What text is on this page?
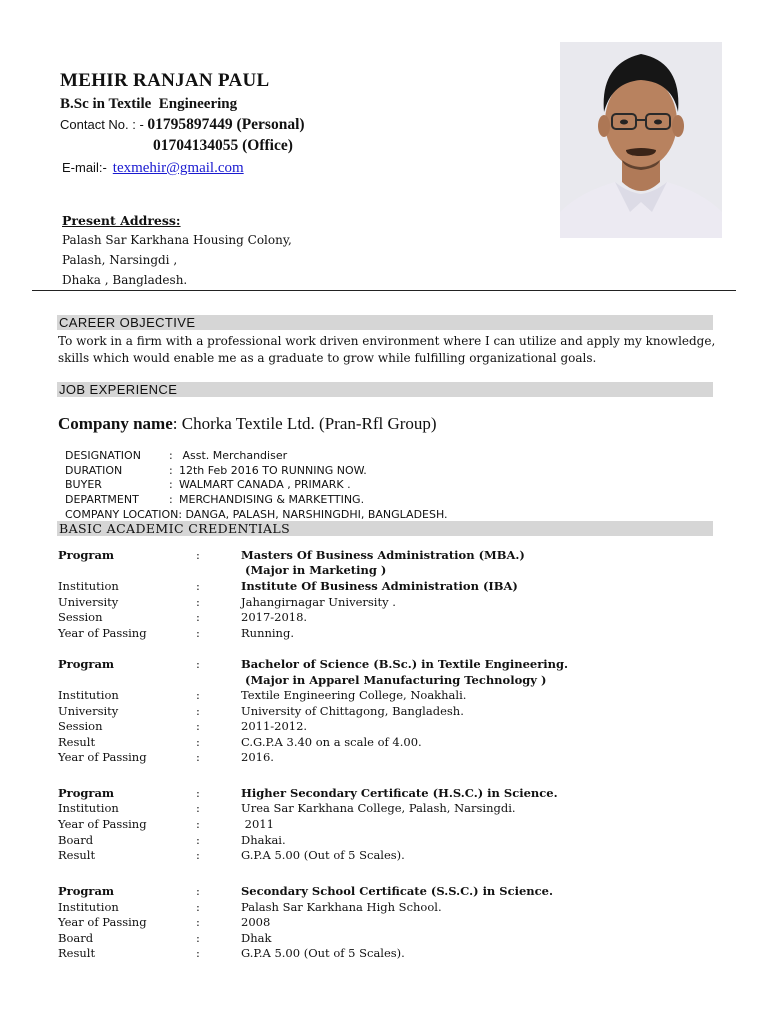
MEHIR RANJAN PAUL
B.Sc in Textile  Engineering
Contact No. : - 01795897449 (Personal)
01704134055 (Office)
E-mail:- texmehir@gmail.com
Present Address:
Palash Sar Karkhana Housing Colony,
Palash, Narsingdi ,
Dhaka , Bangladesh.
CAREER OBJECTIVE
To work in a firm with a professional work driven environment where I can utilize and apply my knowledge, skills which would enable me as a graduate to grow while fulfilling organizational goals.
JOB EXPERIENCE
Company name: Chorka Textile Ltd. (Pran-Rfl Group)

DESIGNATION	: Asst. Merchandiser

DURATION	: 12th Feb 2016 TO RUNNING NOW.

BUYER	: WALMART CANADA , PRIMARK .

DEPARTMENT	: MERCHANDISING & MARKETTING.

COMPANY LOCATION: DANGA, PALASH, NARSHINGDHI, BANGLADESH.

BASIC ACADEMIC CREDENTIALS
Program	:	Masters Of Business Administration (MBA.)
(Major in Marketing )
Institution	:	Institute Of Business Administration (IBA)
University	:	Jahangirnagar University .
Session	:	2017-2018.
Year of Passing	:	Running.
Program	:	Bachelor of Science (B.Sc.) in Textile Engineering.
(Major in Apparel Manufacturing Technology )
Institution	:	Textile Engineering College, Noakhali.
University	:	University of Chittagong, Bangladesh.
Session	:	2011-2012.
Result	:	C.G.P.A 3.40 on a scale of 4.00.
Year of Passing	:	2016.
Program	:	Higher Secondary Certificate (H.S.C.) in Science.
Institution	:	Urea Sar Karkhana College, Palash, Narsingdi.
Year of Passing	:	2011
Board	:	Dhakai.
Result	:	G.P.A 5.00 (Out of 5 Scales).
Program	:	Secondary School Certificate (S.S.C.) in Science.
Institution	:	Palash Sar Karkhana High School.
Year of Passing	:	2008
Board	:	Dhak
Result	:	G.P.A 5.00 (Out of 5 Scales).
